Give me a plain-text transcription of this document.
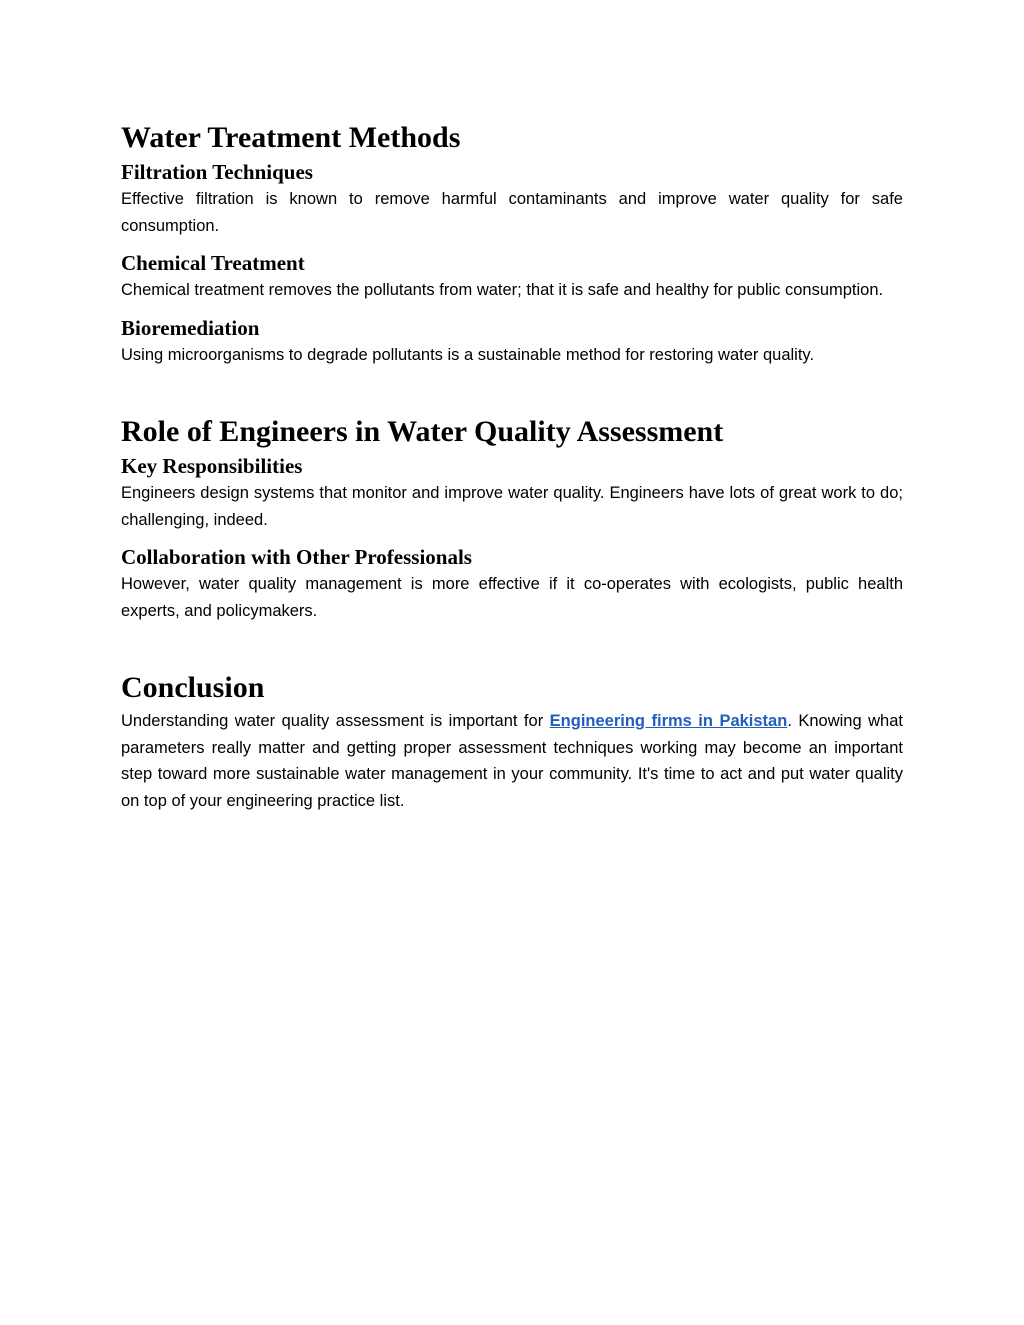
Water Treatment Methods
Filtration Techniques

Effective filtration is known to remove harmful contaminants and improve water quality for safe consumption.

Chemical Treatment

Chemical treatment removes the pollutants from water; that it is safe and healthy for public consumption.

Bioremediation

Using microorganisms to degrade pollutants is a sustainable method for restoring water quality.

Role of Engineers in Water Quality Assessment
Key Responsibilities

Engineers design systems that monitor and improve water quality. Engineers have lots of great work to do; challenging, indeed.

Collaboration with Other Professionals

However, water quality management is more effective if it co-operates with ecologists, public health experts, and policymakers.

Conclusion

Understanding water quality assessment is important for Engineering firms in Pakistan. Knowing what parameters really matter and getting proper assessment techniques working may become an important step toward more sustainable water management in your community. It's time to act and put water quality on top of your engineering practice list.
